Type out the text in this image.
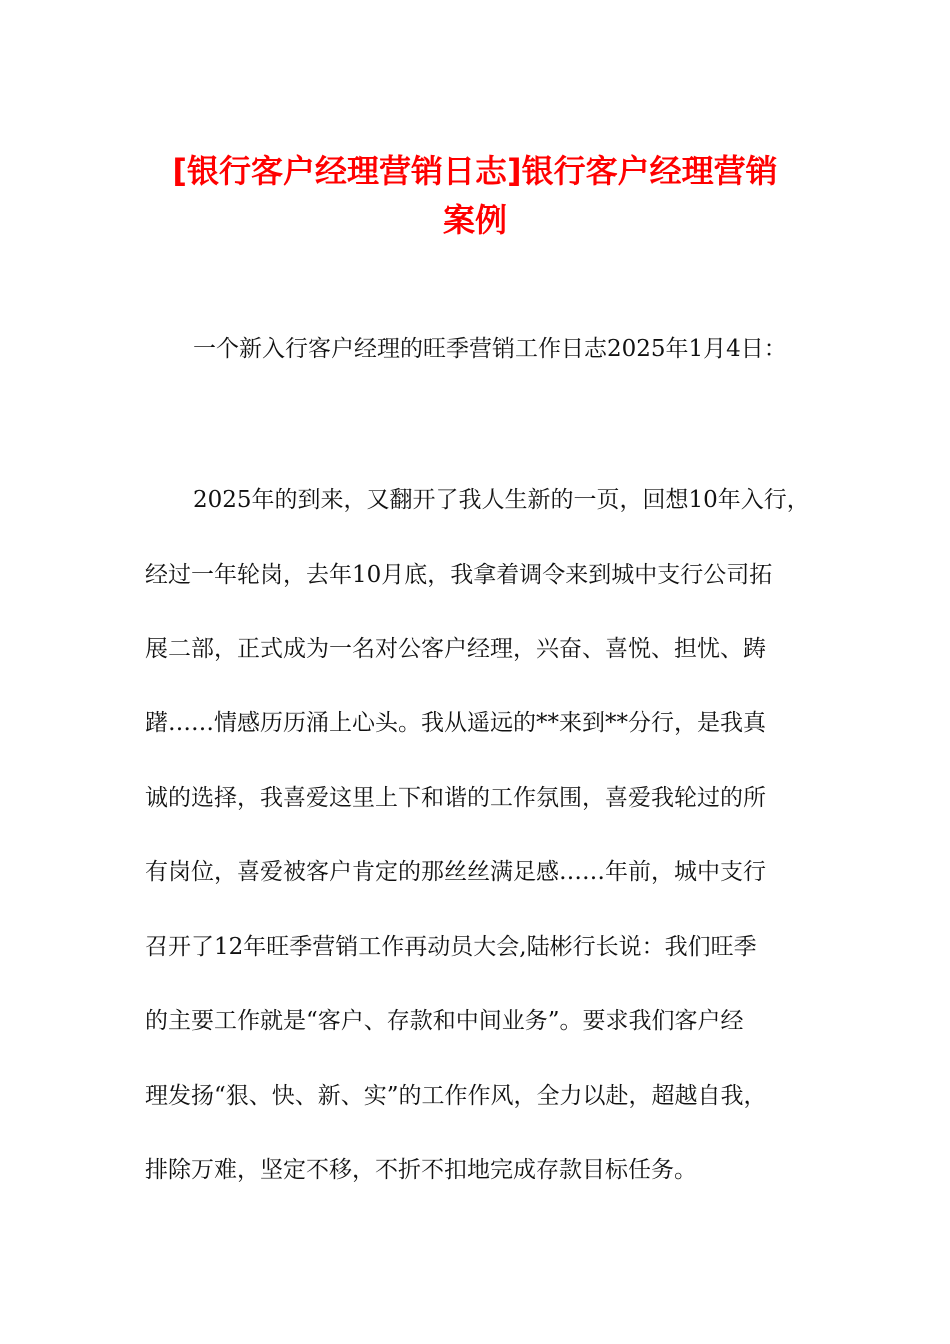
[银行客户经理营销日志]银行客户经理营销
案例
一个新入行客户经理的旺季营销工作日志2025年1月4日：
2025年的到来，又翻开了我人生新的一页，回想10年入行，
经过一年轮岗，去年10月底，我拿着调令来到城中支行公司拓
展二部，正式成为一名对公客户经理，兴奋、喜悦、担忧、踌
躇……情感历历涌上心头。我从遥远的**来到**分行，是我真
诚的选择，我喜爱这里上下和谐的工作氛围，喜爱我轮过的所
有岗位，喜爱被客户肯定的那丝丝满足感……年前，城中支行
召开了12年旺季营销工作再动员大会,陆彬行长说：我们旺季
的主要工作就是“客户、存款和中间业务”。要求我们客户经
理发扬“狠、快、新、实”的工作作风，全力以赴，超越自我，
排除万难，坚定不移，不折不扣地完成存款目标任务。
